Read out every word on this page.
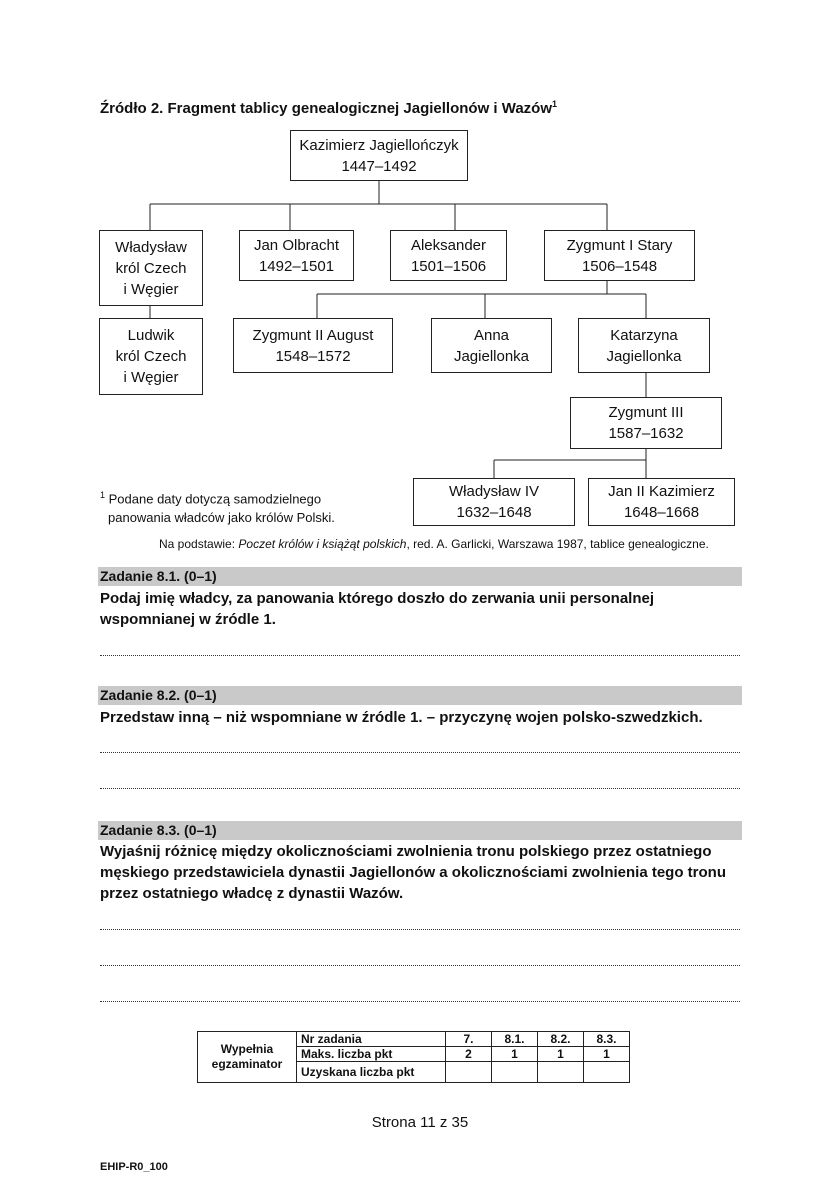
Źródło 2. Fragment tablicy genealogicznej Jagiellonów i Wazów$^1$
Kazimierz Jagiellończyk
1447–1492
Władysław
król Czech
i Węgier
Jan Olbracht
1492–1501
Aleksander
1501–1506
Zygmunt I Stary
1506–1548
Ludwik
król Czech
i Węgier
Zygmunt II August
1548–1572
Anna
Jagiellonka
Katarzyna
Jagiellonka
Zygmunt III
1587–1632
Władysław IV
1632–1648
Jan II Kazimierz
1648–1668
$^1$ Podane daty dotyczą samodzielnego
panowania władców jako królów Polski.
Na podstawie: Poczet królów i książąt polskich, red. A. Garlicki, Warszawa 1987, tablice genealogiczne.
Zadanie 8.1. (0–1)
Podaj imię władcy, za panowania którego doszło do zerwania unii personalnej wspomnianej w źródle 1.
Zadanie 8.2. (0–1)
Przedstaw inną – niż wspomniane w źródle 1. – przyczynę wojen polsko-szwedzkich.
Zadanie 8.3. (0–1)
Wyjaśnij różnicę między okolicznościami zwolnienia tronu polskiego przez ostatniego męskiego przedstawiciela dynastii Jagiellonów a okolicznościami zwolnienia tego tronu przez ostatniego władcę z dynastii Wazów.
Wypełnia egzaminator	Nr zadania	7.	8.1.	8.2.	8.3.
	Maks. liczba pkt	2	1	1	1
	Uzyskana liczba pkt				
Strona 11 z 35
EHIP-R0_100
